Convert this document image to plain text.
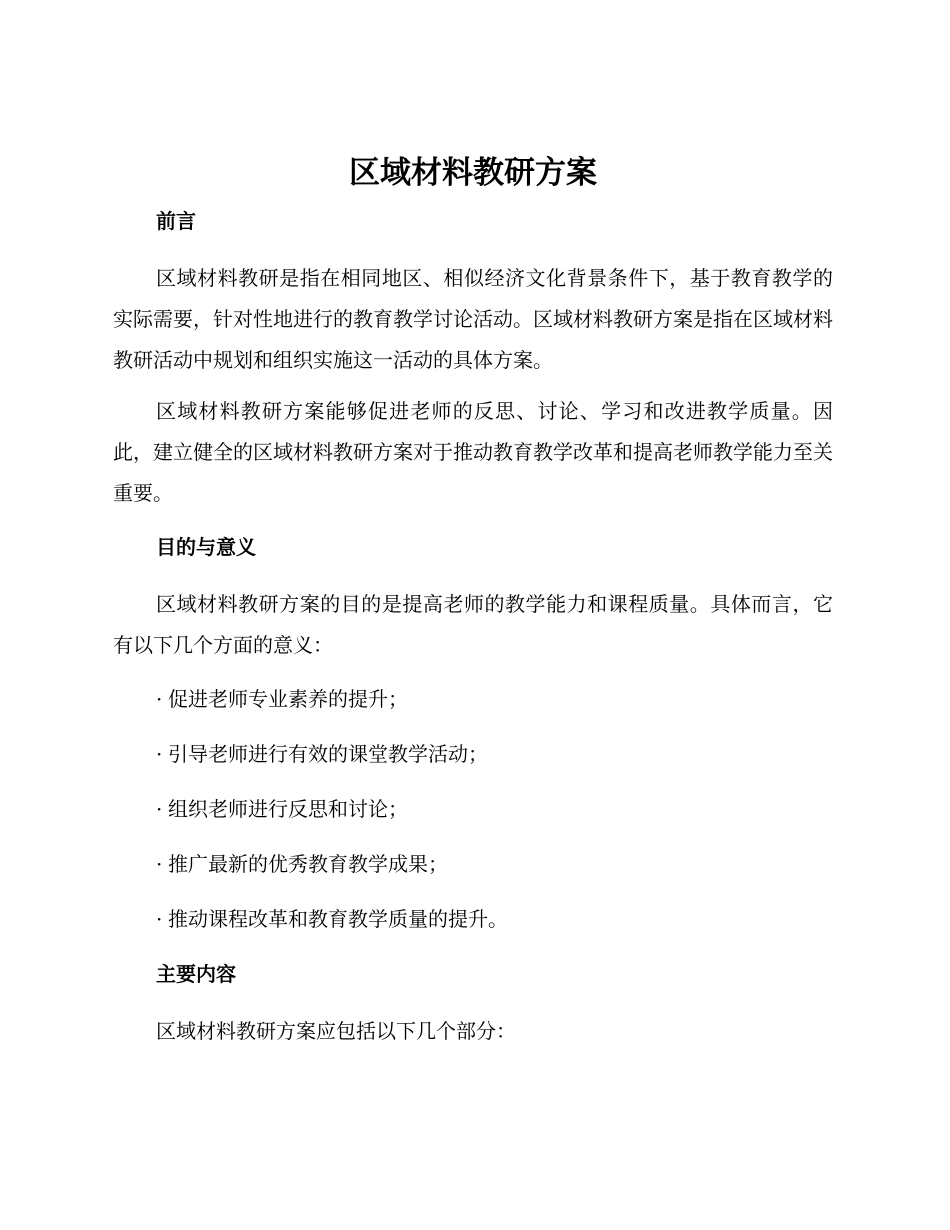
区域材料教研方案
前言

区域材料教研是指在相同地区、相似经济文化背景条件下，基于教育教学的实际需要，针对性地进行的教育教学讨论活动。区域材料教研方案是指在区域材料教研活动中规划和组织实施这一活动的具体方案。

区域材料教研方案能够促进老师的反思、讨论、学习和改进教学质量。因此，建立健全的区域材料教研方案对于推动教育教学改革和提高老师教学能力至关重要。

目的与意义

区域材料教研方案的目的是提高老师的教学能力和课程质量。具体而言，它有以下几个方面的意义：

· 促进老师专业素养的提升；
· 引导老师进行有效的课堂教学活动；
· 组织老师进行反思和讨论；
· 推广最新的优秀教育教学成果；
· 推动课程改革和教育教学质量的提升。
主要内容

区域材料教研方案应包括以下几个部分：
